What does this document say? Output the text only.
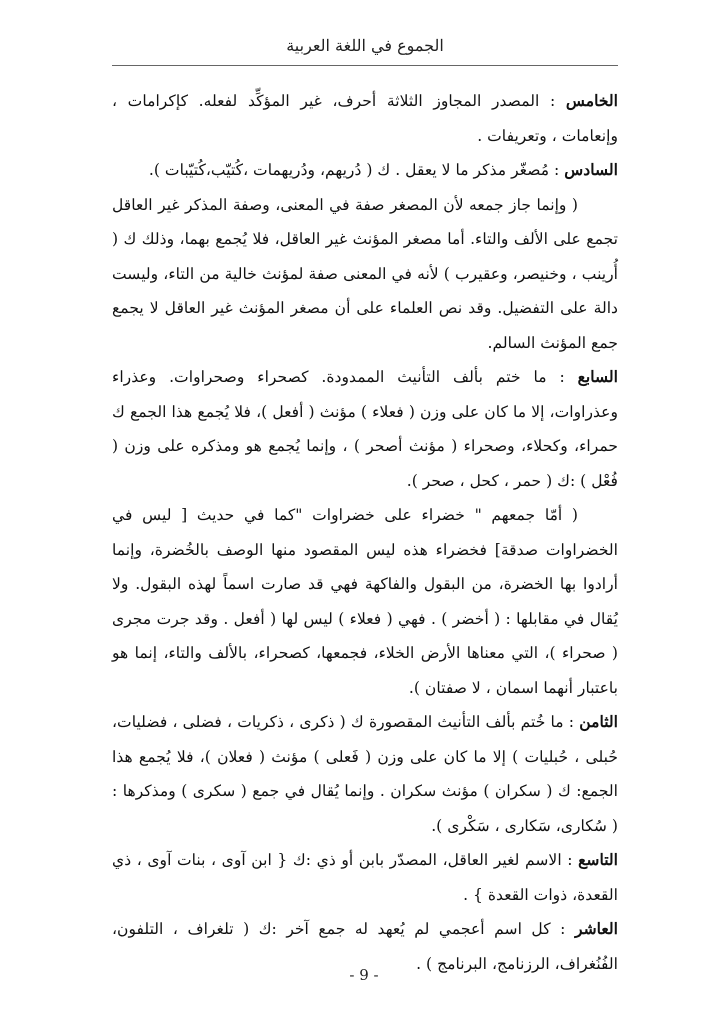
الجموع في اللغة العربية

الخامس : المصدر المجاوز الثلاثة أحرف، غير المؤكِّد لفعله. كإكرامات ، وإنعامات ، وتعريفات .

السادس : مُصغّر مذكر ما لا يعقل . ك ( دُريهم، ودُريهمات ،كُتيّب،كُتيّبات ).

( وإنما جاز جمعه لأن المصغر صفة في المعنى، وصفة المذكر غير العاقل تجمع على الألف والتاء. أما مصغر المؤنث غير العاقل، فلا يُجمع بهما، وذلك ك ( أُرينب ، وخنيصر، وعقيرب ) لأنه في المعنى صفة لمؤنث خالية من التاء، وليست دالة على التفضيل. وقد نص العلماء على أن مصغر المؤنث غير العاقل لا يجمع جمع المؤنث السالم.

السابع : ما ختم بألف التأنيث الممدودة. كصحراء وصحراوات. وعذراء وعذراوات، إلا ما كان على وزن ( فعلاء ) مؤنث ( أفعل )، فلا يُجمع هذا الجمع ك حمراء، وكحلاء، وصحراء ( مؤنث أصحر ) ، وإنما يُجمع هو ومذكره على وزن ( فُعْل ) :ك ( حمر ، كحل ، صحر ).

( أمّا جمعهم " خضراء على خضراوات "كما في حديث [ ليس في الخضراوات صدقة] فخضراء هذه ليس المقصود منها الوصف بالخُضرة، وإنما أرادوا بها الخضرة، من البقول والفاكهة فهي قد صارت اسماً لهذه البقول. ولا يُقال في مقابلها : ( أخضر ) . فهي ( فعلاء ) ليس لها ( أفعل . وقد جرت مجرى ( صحراء )، التي معناها الأرض الخلاء، فجمعها، كصحراء، بالألف والتاء، إنما هو باعتبار أنهما اسمان ، لا صفتان ).

الثامن : ما خُتم بألف التأنيث المقصورة ك ( ذكرى ، ذكريات ، فضلى ، فضليات، حُبلى ، حُبليات ) إلا ما كان على وزن ( فَعلى ) مؤنث ( فعلان )، فلا يُجمع هذا الجمع: ك ( سكران ) مؤنث سكران . وإنما يُقال في جمع ( سكرى ) ومذكرها : ( سُكارى، سَكارى ، سَكْرى ).

التاسع : الاسم لغير العاقل، المصدّر بابن أو ذي :ك { ابن آوى ، بنات آوى ، ذي القعدة، ذوات القعدة } .

العاشر : كل اسم أعجمي لم يُعهد له جمع آخر :ك ( تلغراف ، التلفون، الفُنُغراف، الرزنامج، البرنامج ) .

- 9 -
